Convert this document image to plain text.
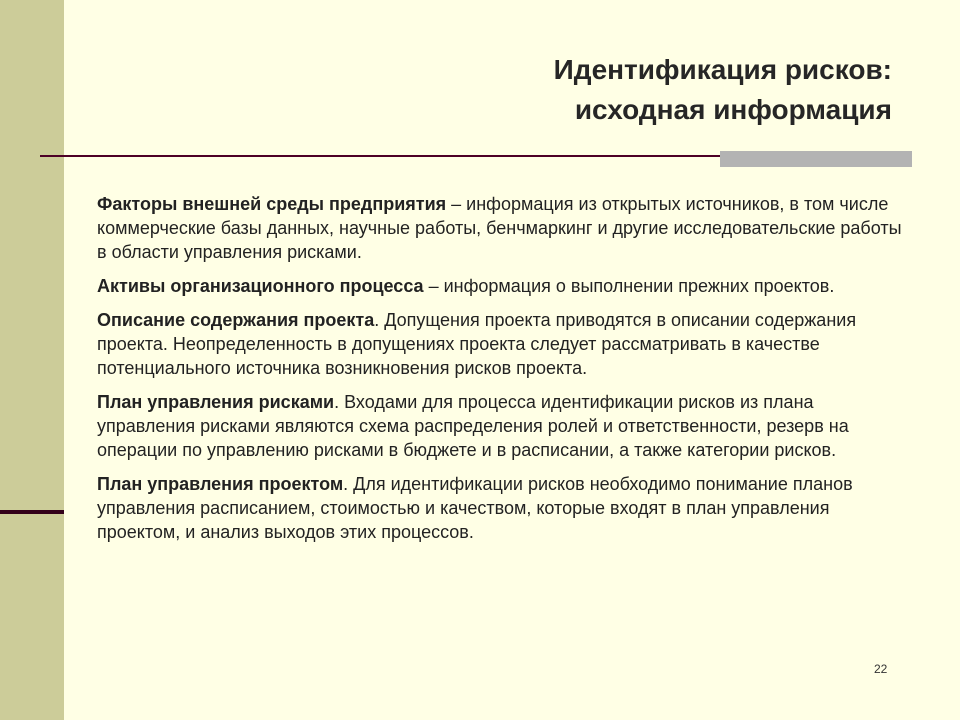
Идентификация рисков:
исходная информация

Факторы внешней среды предприятия – информация из открытых источников, в том числе коммерческие базы данных, научные работы, бенчмаркинг и другие исследовательские работы в области управления рисками.

Активы организационного процесса – информация о выполнении прежних проектов.

Описание содержания проекта. Допущения проекта приводятся в описании содержания проекта. Неопределенность в допущениях проекта следует рассматривать в качестве потенциального источника возникновения рисков проекта.

План управления рисками. Входами для процесса идентификации рисков из плана управления рисками являются схема распределения ролей и ответственности, резерв на операции по управлению рисками в бюджете и в расписании, а также категории рисков.

План управления проектом. Для идентификации рисков необходимо понимание планов управления расписанием, стоимостью и качеством, которые входят в план управления проектом, и анализ выходов этих процессов.

22
